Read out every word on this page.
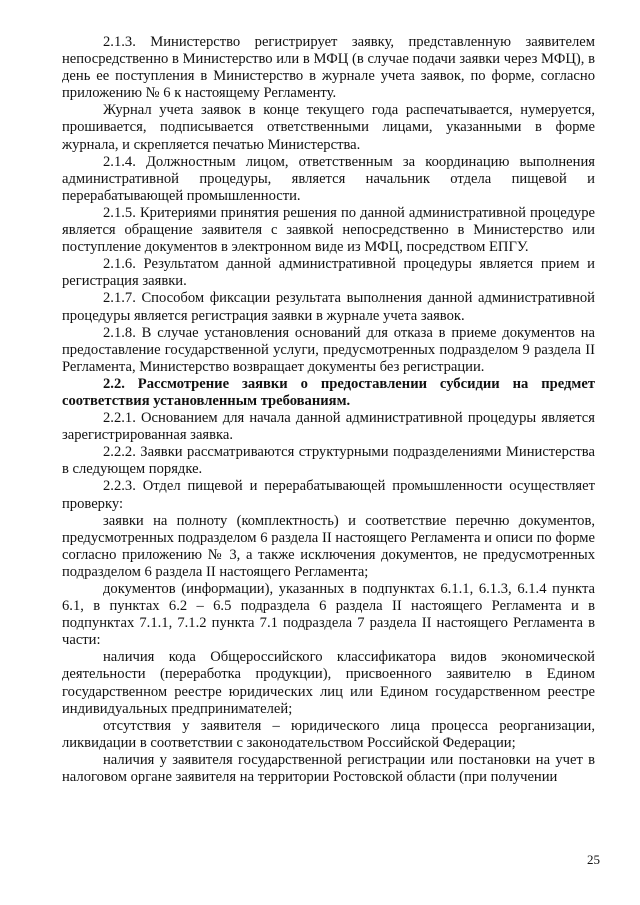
2.1.3. Министерство регистрирует заявку, представленную заявителем непосредственно в Министерство или в МФЦ (в случае подачи заявки через МФЦ), в день ее поступления в Министерство в журнале учета заявок, по форме, согласно приложению № 6 к настоящему Регламенту.

Журнал учета заявок в конце текущего года распечатывается, нумеруется, прошивается, подписывается ответственными лицами, указанными в форме журнала, и скрепляется печатью Министерства.

2.1.4. Должностным лицом, ответственным за координацию выполнения административной процедуры, является начальник отдела пищевой и перерабатывающей промышленности.

2.1.5. Критериями принятия решения по данной административной процедуре является обращение заявителя с заявкой непосредственно в Министерство или поступление документов в электронном виде из МФЦ, посредством ЕПГУ.

2.1.6. Результатом данной административной процедуры является прием и регистрация заявки.

2.1.7. Способом фиксации результата выполнения данной административной процедуры является регистрация заявки в журнале учета заявок.

2.1.8. В случае установления оснований для отказа в приеме документов на предоставление государственной услуги, предусмотренных подразделом 9 раздела II Регламента, Министерство возвращает документы без регистрации.

2.2. Рассмотрение заявки о предоставлении субсидии на предмет соответствия установленным требованиям.

2.2.1. Основанием для начала данной административной процедуры является зарегистрированная заявка.

2.2.2. Заявки рассматриваются структурными подразделениями Министерства в следующем порядке.

2.2.3. Отдел пищевой и перерабатывающей промышленности осуществляет проверку:

заявки на полноту (комплектность) и соответствие перечню документов, предусмотренных подразделом 6 раздела II настоящего Регламента и описи по форме согласно приложению № 3, а также исключения документов, не предусмотренных подразделом 6 раздела II настоящего Регламента;

документов (информации), указанных в подпунктах 6.1.1, 6.1.3, 6.1.4 пункта 6.1, в пунктах 6.2 – 6.5 подраздела 6 раздела II настоящего Регламента и в подпунктах 7.1.1, 7.1.2 пункта 7.1 подраздела 7 раздела II настоящего Регламента в части:

наличия кода Общероссийского классификатора видов экономической деятельности (переработка продукции), присвоенного заявителю в Едином государственном реестре юридических лиц или Едином государственном реестре индивидуальных предпринимателей;

отсутствия у заявителя – юридического лица процесса реорганизации, ликвидации в соответствии с законодательством Российской Федерации;

наличия у заявителя государственной регистрации или постановки на учет в налоговом органе заявителя на территории Ростовской области (при получении

25
